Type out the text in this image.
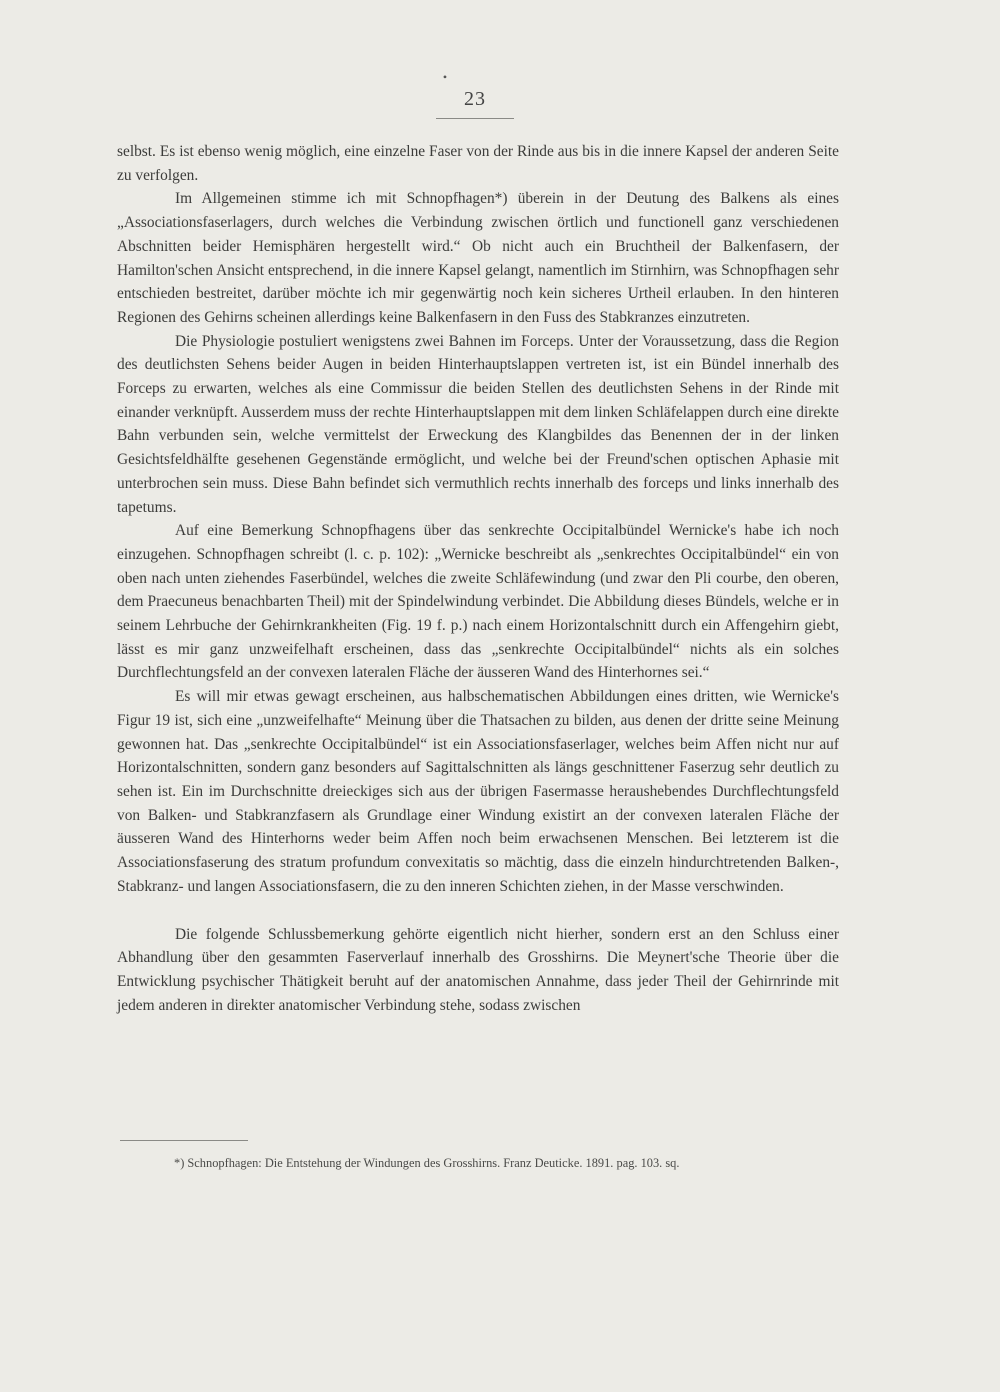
•
23

selbst. Es ist ebenso wenig möglich, eine einzelne Faser von der Rinde aus bis in die innere Kapsel der anderen Seite zu verfolgen.

Im Allgemeinen stimme ich mit Schnopfhagen*) überein in der Deutung des Balkens als eines „Associationsfaserlagers, durch welches die Verbindung zwischen örtlich und functionell ganz verschiedenen Abschnitten beider Hemisphären hergestellt wird.“ Ob nicht auch ein Bruchtheil der Balkenfasern, der Hamilton'schen Ansicht entsprechend, in die innere Kapsel gelangt, namentlich im Stirnhirn, was Schnopfhagen sehr entschieden bestreitet, darüber möchte ich mir gegenwärtig noch kein sicheres Urtheil erlauben. In den hinteren Regionen des Gehirns scheinen allerdings keine Balkenfasern in den Fuss des Stabkranzes einzutreten.

Die Physiologie postuliert wenigstens zwei Bahnen im Forceps. Unter der Voraussetzung, dass die Region des deutlichsten Sehens beider Augen in beiden Hinterhauptslappen vertreten ist, ist ein Bündel innerhalb des Forceps zu erwarten, welches als eine Commissur die beiden Stellen des deutlichsten Sehens in der Rinde mit einander verknüpft. Ausserdem muss der rechte Hinterhauptslappen mit dem linken Schläfelappen durch eine direkte Bahn verbunden sein, welche vermittelst der Erweckung des Klangbildes das Benennen der in der linken Gesichtsfeldhälfte gesehenen Gegenstände ermöglicht, und welche bei der Freund'schen optischen Aphasie mit unterbrochen sein muss. Diese Bahn befindet sich vermuthlich rechts innerhalb des forceps und links innerhalb des tapetums.

Auf eine Bemerkung Schnopfhagens über das senkrechte Occipitalbündel Wernicke's habe ich noch einzugehen. Schnopfhagen schreibt (l. c. p. 102): „Wernicke beschreibt als „senkrechtes Occipitalbündel“ ein von oben nach unten ziehendes Faserbündel, welches die zweite Schläfewindung (und zwar den Pli courbe, den oberen, dem Praecuneus benachbarten Theil) mit der Spindelwindung verbindet. Die Abbildung dieses Bündels, welche er in seinem Lehrbuche der Gehirnkrankheiten (Fig. 19 f. p.) nach einem Horizontalschnitt durch ein Affengehirn giebt, lässt es mir ganz unzweifelhaft erscheinen, dass das „senkrechte Occipitalbündel“ nichts als ein solches Durchflechtungsfeld an der convexen lateralen Fläche der äusseren Wand des Hinterhornes sei.“

Es will mir etwas gewagt erscheinen, aus halbschematischen Abbildungen eines dritten, wie Wernicke's Figur 19 ist, sich eine „unzweifelhafte“ Meinung über die Thatsachen zu bilden, aus denen der dritte seine Meinung gewonnen hat. Das „senkrechte Occipitalbündel“ ist ein Associationsfaserlager, welches beim Affen nicht nur auf Horizontalschnitten, sondern ganz besonders auf Sagittalschnitten als längs geschnittener Faserzug sehr deutlich zu sehen ist. Ein im Durchschnitte dreieckiges sich aus der übrigen Fasermasse heraushebendes Durchflechtungsfeld von Balken- und Stabkranzfasern als Grundlage einer Windung existirt an der convexen lateralen Fläche der äusseren Wand des Hinterhorns weder beim Affen noch beim erwachsenen Menschen. Bei letzterem ist die Associationsfaserung des stratum profundum convexitatis so mächtig, dass die einzeln hindurchtretenden Balken-, Stabkranz- und langen Associationsfasern, die zu den inneren Schichten ziehen, in der Masse verschwinden.

Die folgende Schlussbemerkung gehörte eigentlich nicht hierher, sondern erst an den Schluss einer Abhandlung über den gesammten Faserverlauf innerhalb des Grosshirns. Die Meynert'sche Theorie über die Entwicklung psychischer Thätigkeit beruht auf der anatomischen Annahme, dass jeder Theil der Gehirnrinde mit jedem anderen in direkter anatomischer Verbindung stehe, sodass zwischen

*) Schnopfhagen: Die Entstehung der Windungen des Grosshirns. Franz Deuticke. 1891. pag. 103. sq.
